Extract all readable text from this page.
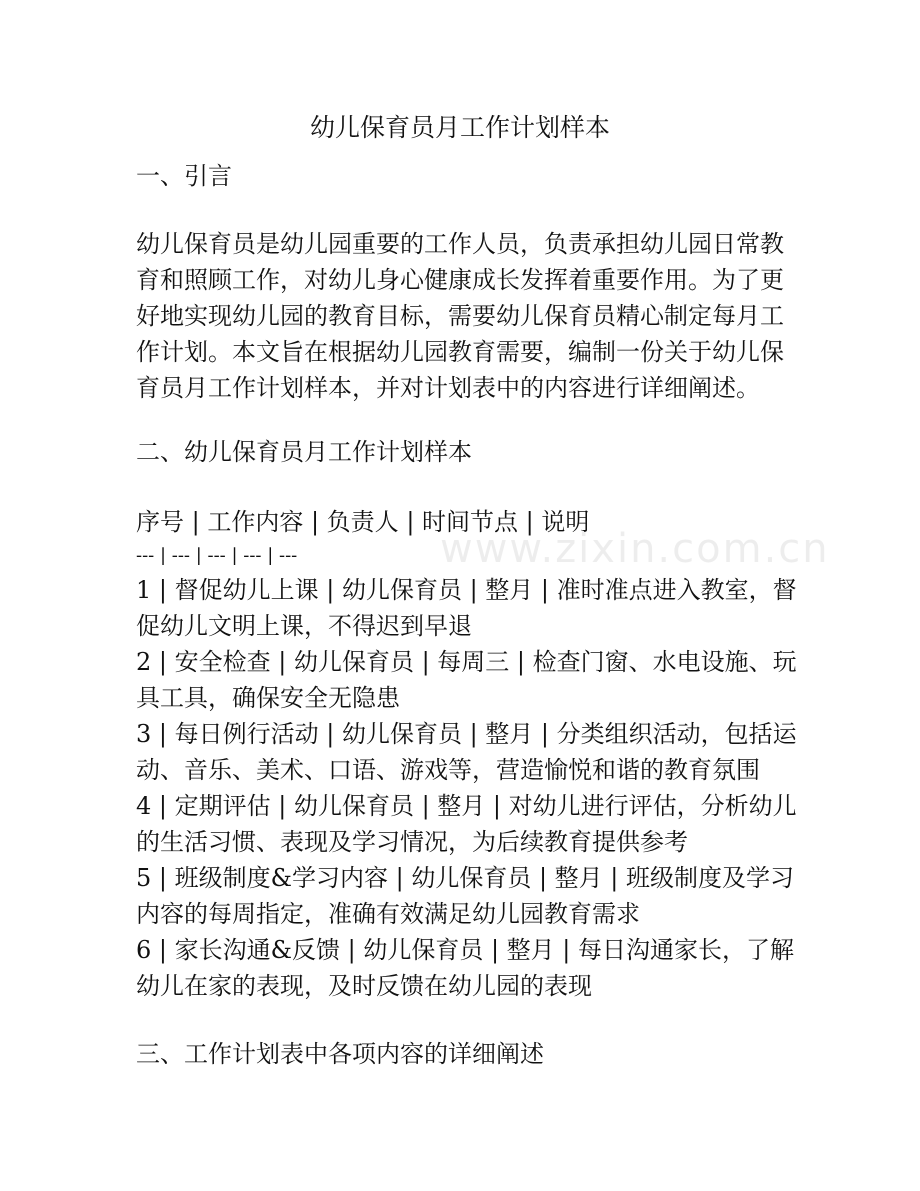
www.zixin.com.cn
幼儿保育员月工作计划样本
一、引言
幼儿保育员是幼儿园重要的工作人员，负责承担幼儿园日常教
育和照顾工作，对幼儿身心健康成长发挥着重要作用。为了更
好地实现幼儿园的教育目标，需要幼儿保育员精心制定每月工
作计划。本文旨在根据幼儿园教育需要，编制一份关于幼儿保
育员月工作计划样本，并对计划表中的内容进行详细阐述。
二、幼儿保育员月工作计划样本
序号 | 工作内容 | 负责人 | 时间节点 | 说明
--- | --- | --- | --- | ---
1 | 督促幼儿上课 | 幼儿保育员 | 整月 | 准时准点进入教室，督
促幼儿文明上课，不得迟到早退
2 | 安全检查 | 幼儿保育员 | 每周三 | 检查门窗、水电设施、玩
具工具，确保安全无隐患
3 | 每日例行活动 | 幼儿保育员 | 整月 | 分类组织活动，包括运
动、音乐、美术、口语、游戏等，营造愉悦和谐的教育氛围
4 | 定期评估 | 幼儿保育员 | 整月 | 对幼儿进行评估，分析幼儿
的生活习惯、表现及学习情况，为后续教育提供参考
5 | 班级制度&学习内容 | 幼儿保育员 | 整月 | 班级制度及学习
内容的每周指定，准确有效满足幼儿园教育需求
6 | 家长沟通&反馈 | 幼儿保育员 | 整月 | 每日沟通家长，了解
幼儿在家的表现，及时反馈在幼儿园的表现
三、工作计划表中各项内容的详细阐述
